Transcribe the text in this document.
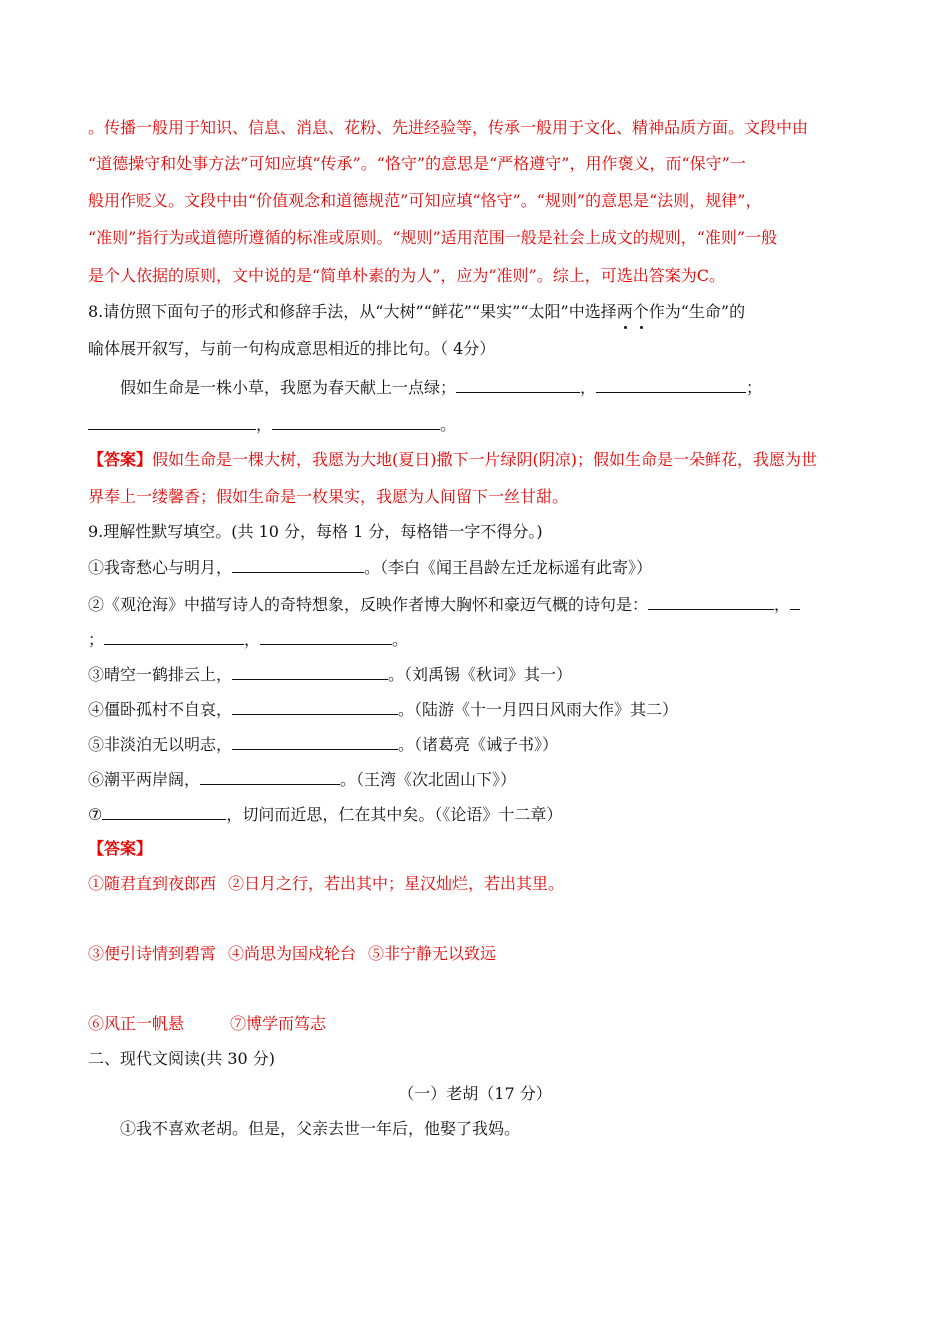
。传播一般用于知识、信息、消息、花粉、先进经验等，传承一般用于文化、精神品质方面。文段中由
“道德操守和处事方法”可知应填“传承”。“恪守”的意思是“严格遵守”，用作褒义，而“保守”一
般用作贬义。文段中由“价值观念和道德规范”可知应填“恪守”。“规则”的意思是“法则，规律”，
“准则”指行为或道德所遵循的标准或原则。“规则”适用范围一般是社会上成文的规则，“准则”一般
是个人依据的原则，文中说的是“简单朴素的为人”，应为“准则”。综上，可选出答案为C。
8.请仿照下面句子的形式和修辞手法，从“大树”“鲜花”“果实”“太阳”中选择两个作为“生命”的
喻体展开叙写，与前一句构成意思相近的排比句。（ 4分）
假如生命是一株小草，我愿为春天献上一点绿；	，	；
，	。
【答案】假如生命是一棵大树，我愿为大地(夏日)撒下一片绿阴(阴凉)；假如生命是一朵鲜花，我愿为世
界奉上一缕馨香；假如生命是一枚果实，我愿为人间留下一丝甘甜。
9.理解性默写填空。(共 10 分，每格 1 分，每格错一字不得分。)
①我寄愁心与明月，	。（李白《闻王昌龄左迁龙标遥有此寄》）
②《观沧海》中描写诗人的奇特想象，反映作者博大胸怀和豪迈气概的诗句是：	，
；	，	。
③晴空一鹤排云上，	。（刘禹锡《秋词》其一）
④僵卧孤村不自哀，	。（陆游《十一月四日风雨大作》其二）
⑤非淡泊无以明志，	。（诸葛亮《诫子书》）
⑥潮平两岸阔，	。（王湾《次北固山下》）
⑦	，切问而近思，仁在其中矣。（《论语》十二章）
【答案】
①随君直到夜郎西 ②日月之行，若出其中；星汉灿烂，若出其里。
③便引诗情到碧霄 ④尚思为国戍轮台 ⑤非宁静无以致远
⑥风正一帆悬	⑦博学而笃志
二、现代文阅读(共 30 分)
（一）老胡（17 分）
①我不喜欢老胡。但是，父亲去世一年后，他娶了我妈。
